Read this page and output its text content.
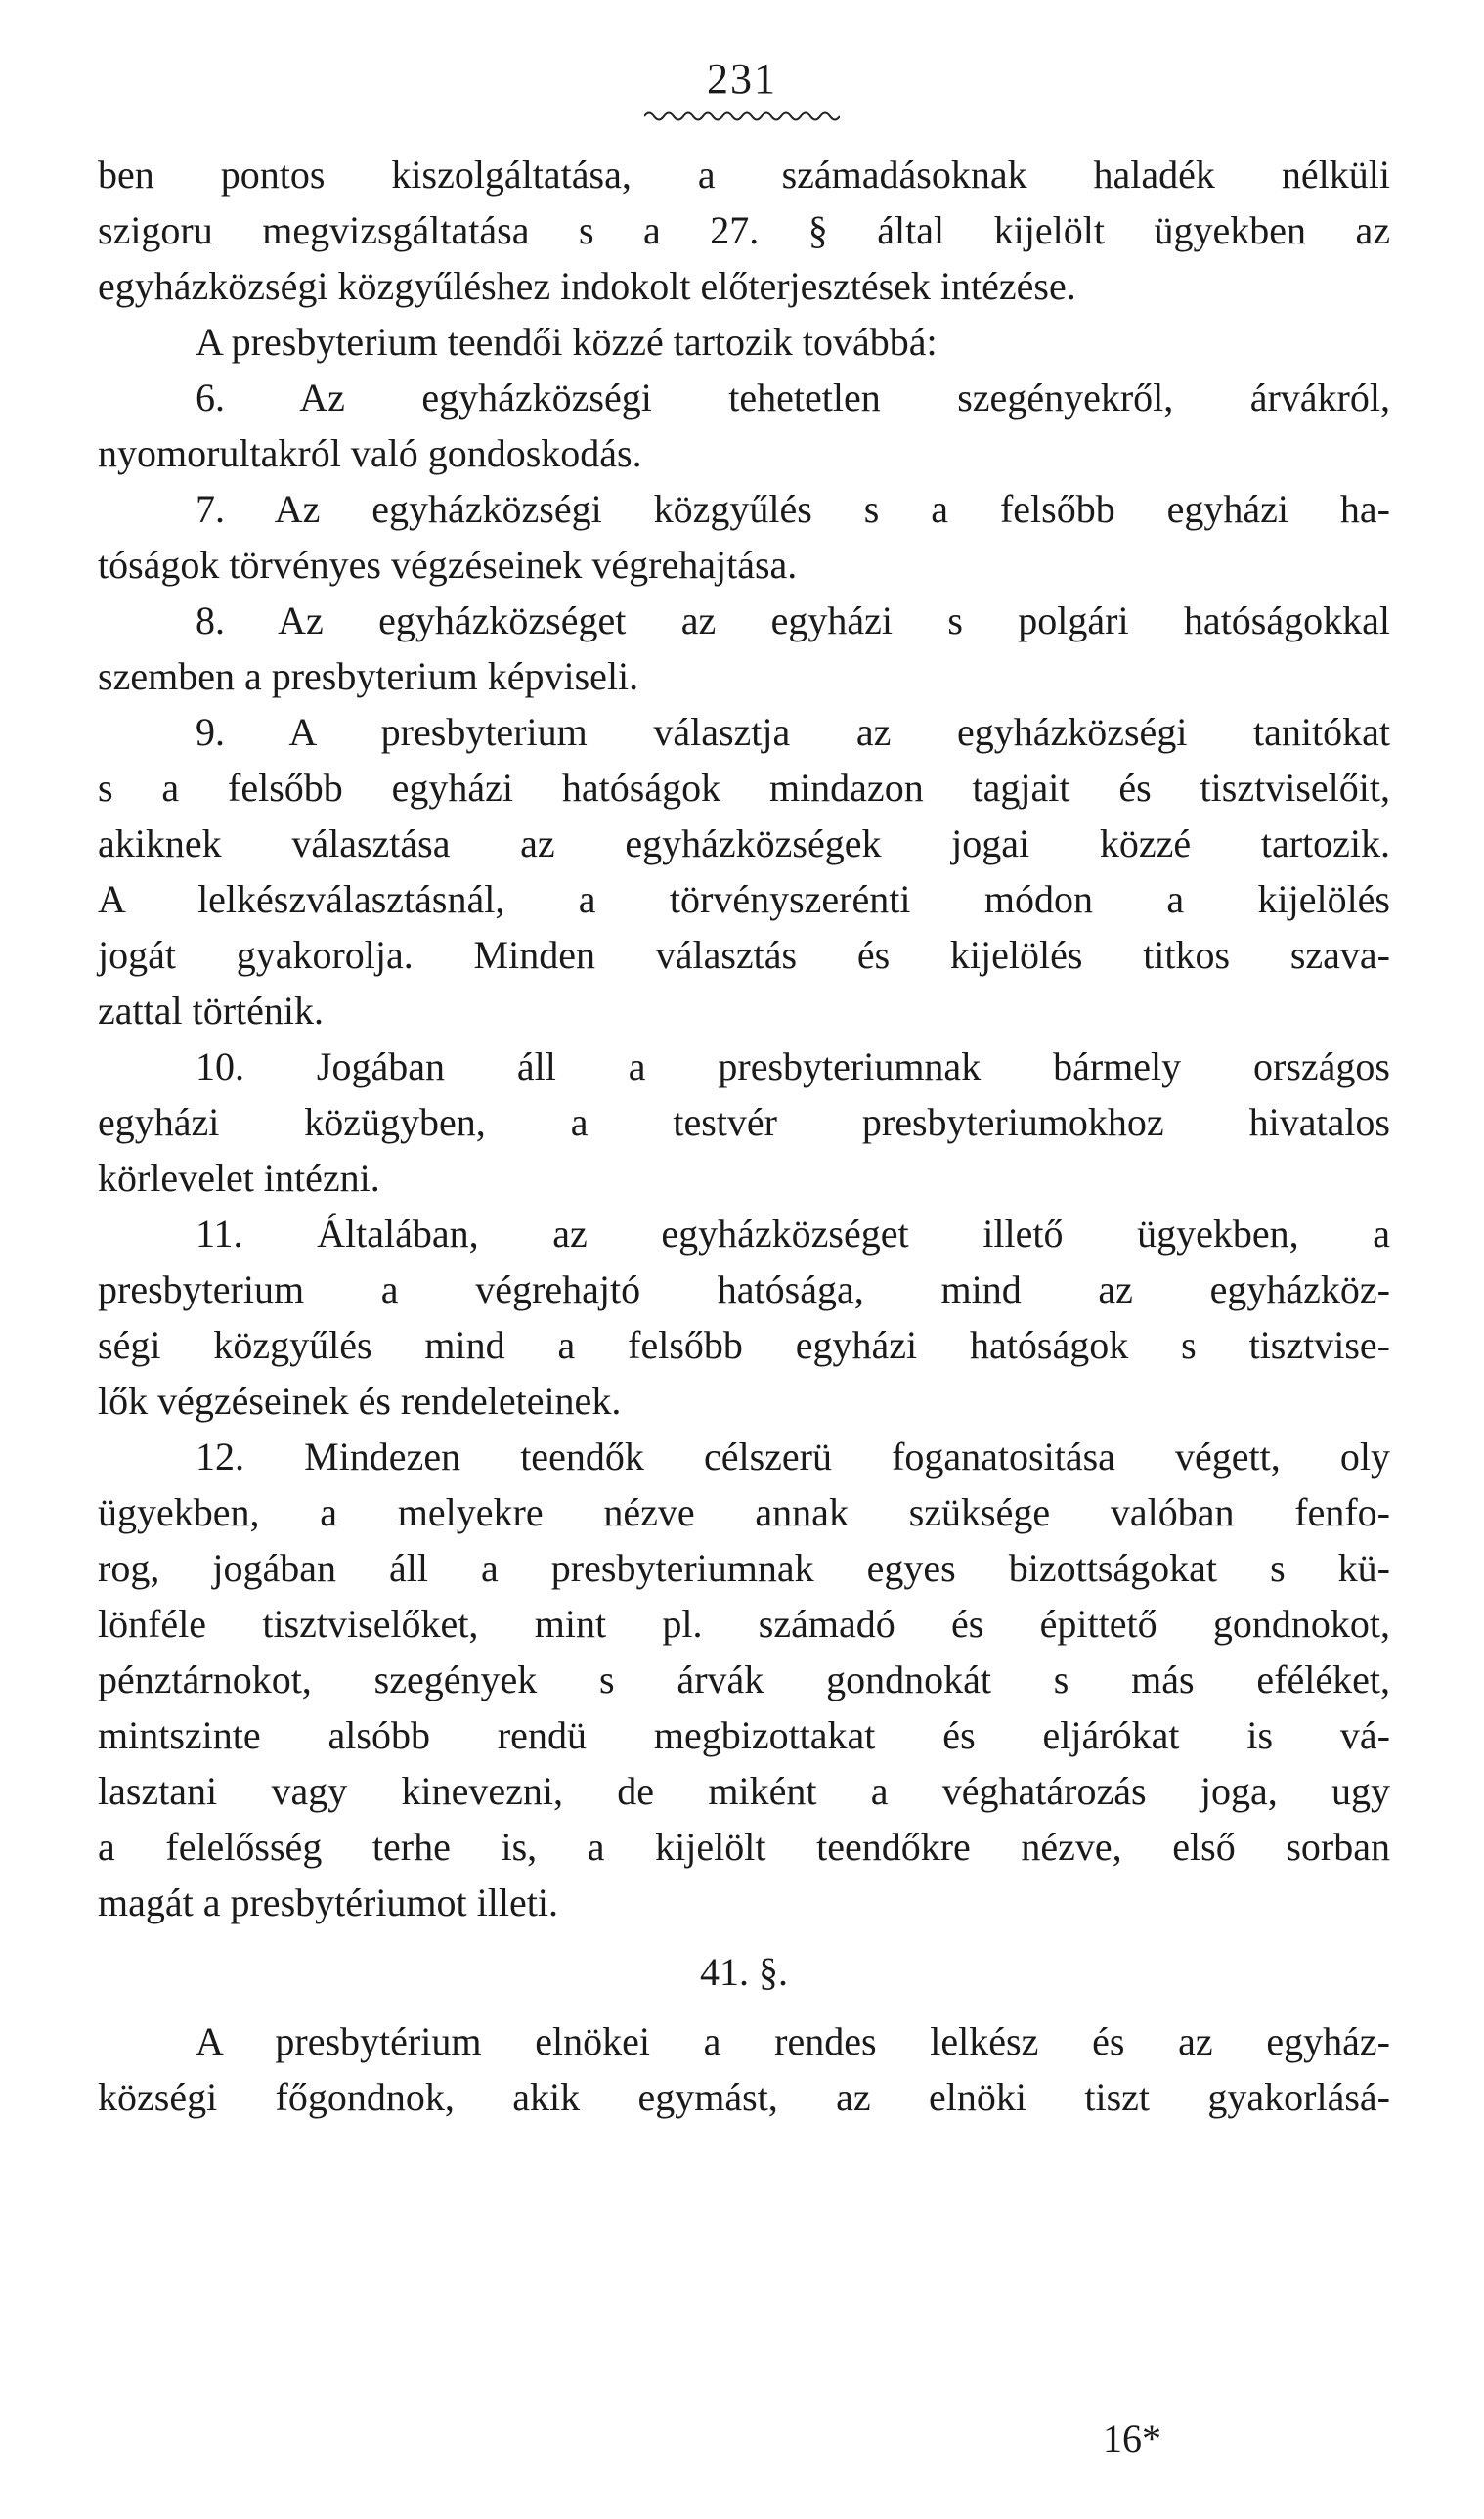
231
ben pontos kiszolgáltatása, a számadásoknak haladék nélküli
szigoru megvizsgáltatása s a 27. § által kijelölt ügyekben az
egyházközségi közgyűléshez indokolt előterjesztések intézése.
A presbyterium teendői közzé tartozik továbbá:
6. Az egyházközségi tehetetlen szegényekről, árvákról,
nyomorultakról való gondoskodás.
7. Az egyházközségi közgyűlés s a felsőbb egyházi ha-
tóságok törvényes végzéseinek végrehajtása.
8. Az egyházközséget az egyházi s polgári hatóságokkal
szemben a presbyterium képviseli.
9. A presbyterium választja az egyházközségi tanitókat
s a felsőbb egyházi hatóságok mindazon tagjait és tisztviselőit,
akiknek választása az egyházközségek jogai közzé tartozik.
A lelkészválasztásnál, a törvényszerénti módon a kijelölés
jogát gyakorolja. Minden választás és kijelölés titkos szava-
zattal történik.
10. Jogában áll a presbyteriumnak bármely országos
egyházi közügyben, a testvér presbyteriumokhoz hivatalos
körlevelet intézni.
11. Általában, az egyházközséget illető ügyekben, a
presbyterium a végrehajtó hatósága, mind az egyházköz-
ségi közgyűlés mind a felsőbb egyházi hatóságok s tisztvise-
lők végzéseinek és rendeleteinek.
12. Mindezen teendők célszerü foganatositása végett, oly
ügyekben, a melyekre nézve annak szüksége valóban fenfo-
rog, jogában áll a presbyteriumnak egyes bizottságokat s kü-
lönféle tisztviselőket, mint pl. számadó és épittető gondnokot,
pénztárnokot, szegények s árvák gondnokát s más eféléket,
mintszinte alsóbb rendü megbizottakat és eljárókat is vá-
lasztani vagy kinevezni, de miként a véghatározás joga, ugy
a felelősség terhe is, a kijelölt teendőkre nézve, első sorban
magát a presbytériumot illeti.
41. §.
A presbytérium elnökei a rendes lelkész és az egyház-
községi főgondnok, akik egymást, az elnöki tiszt gyakorlásá-
16*
